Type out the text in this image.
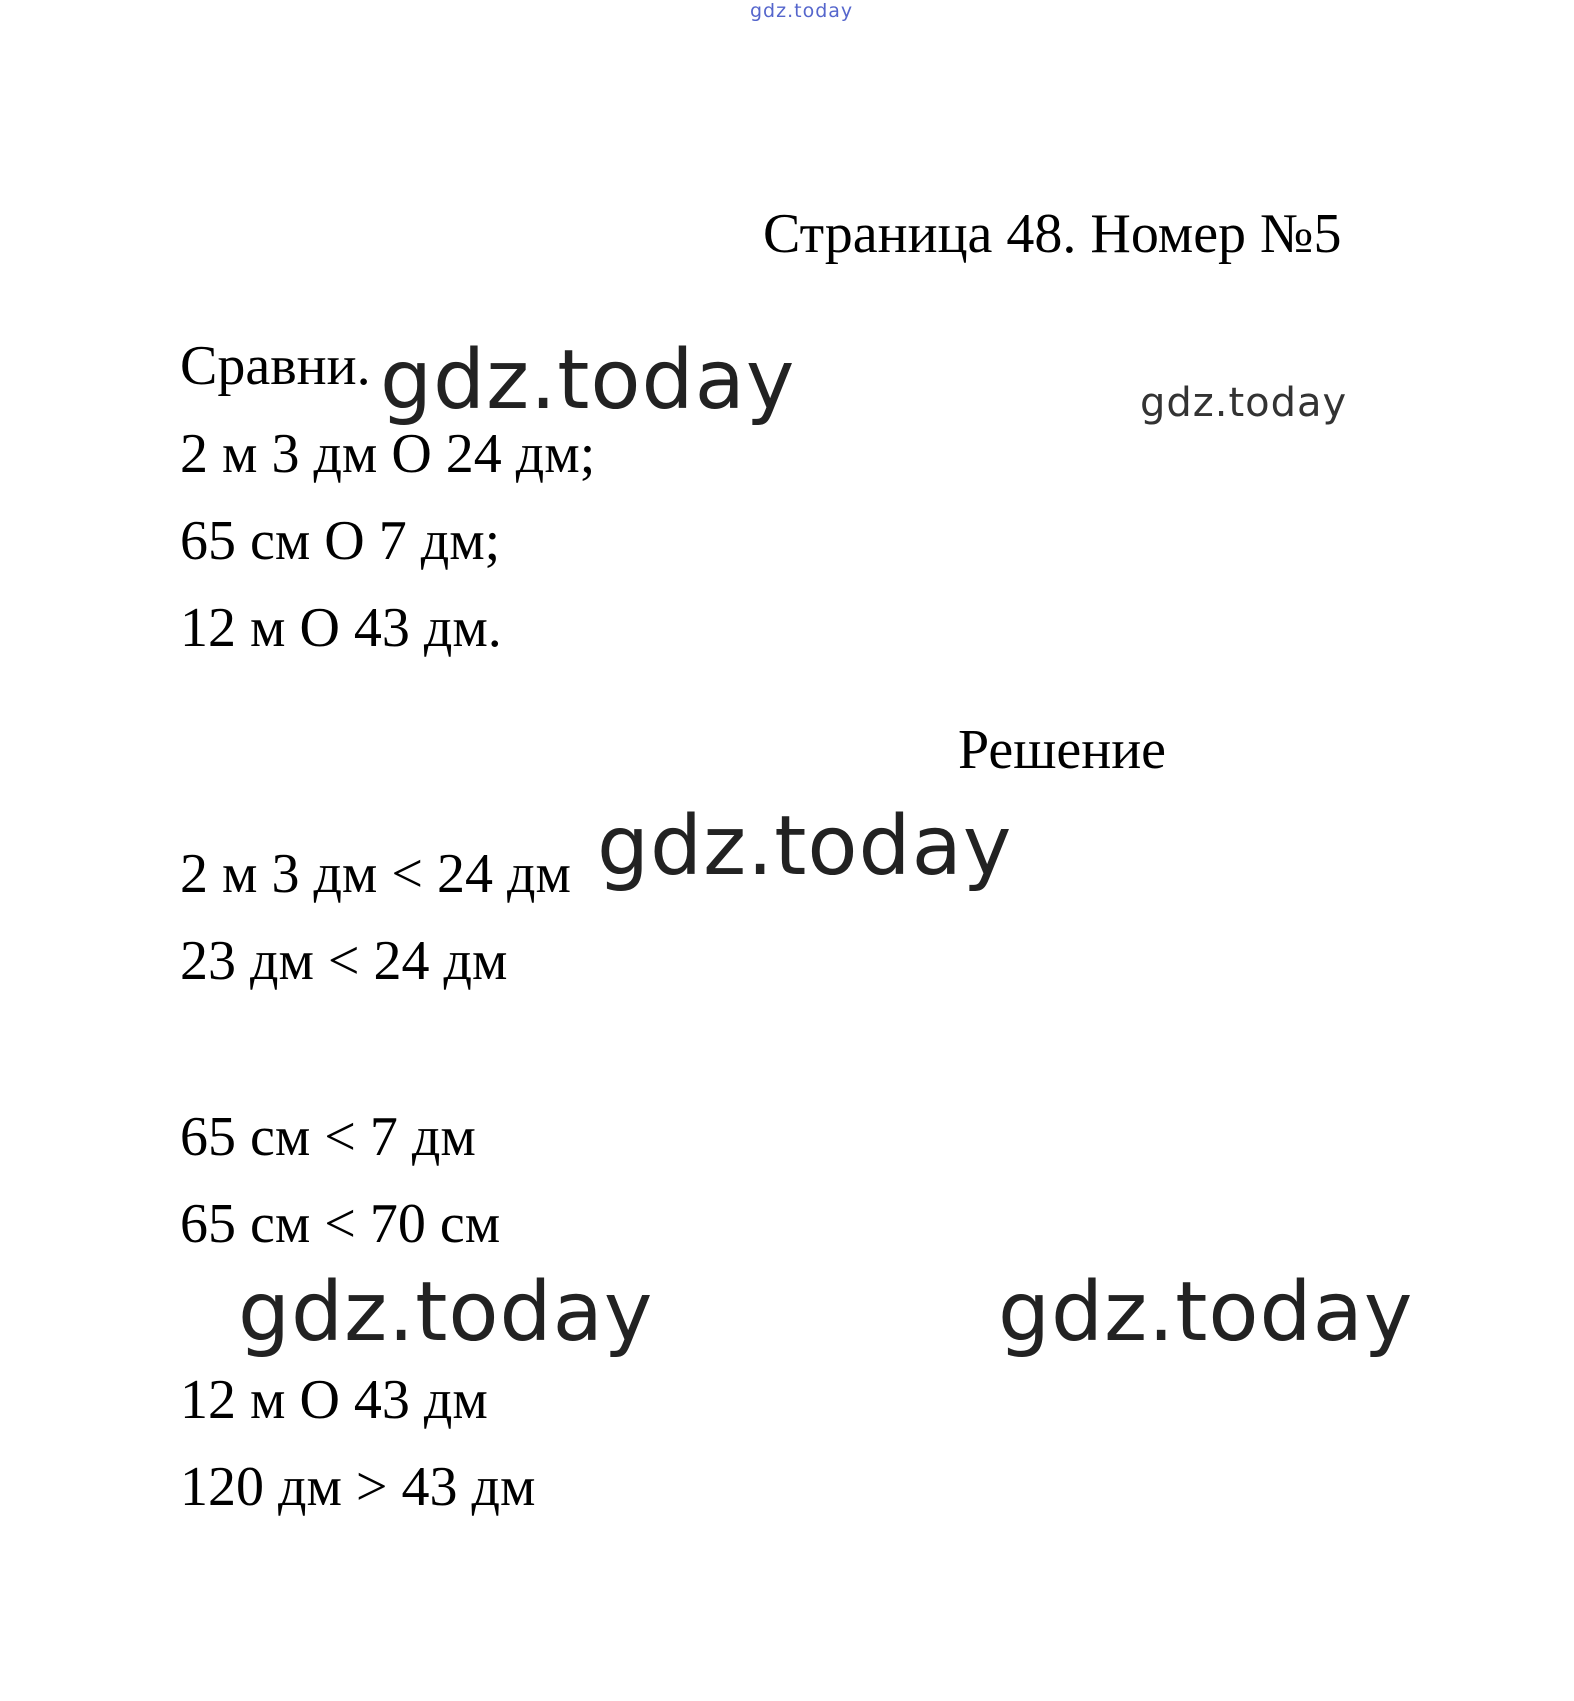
gdz.today
Страница 48. Номер №5
Сравни. gdz.today	gdz.today
2 м 3 дм О 24 дм;
65 см О 7 дм;
12 м О 43 дм.
Решение
2 м 3 дм < 24 дм gdz.today
23 дм < 24 дм
65 см < 7 дм
65 см < 70 см
gdz.today	gdz.today
12 м О 43 дм
120 дм > 43 дм
